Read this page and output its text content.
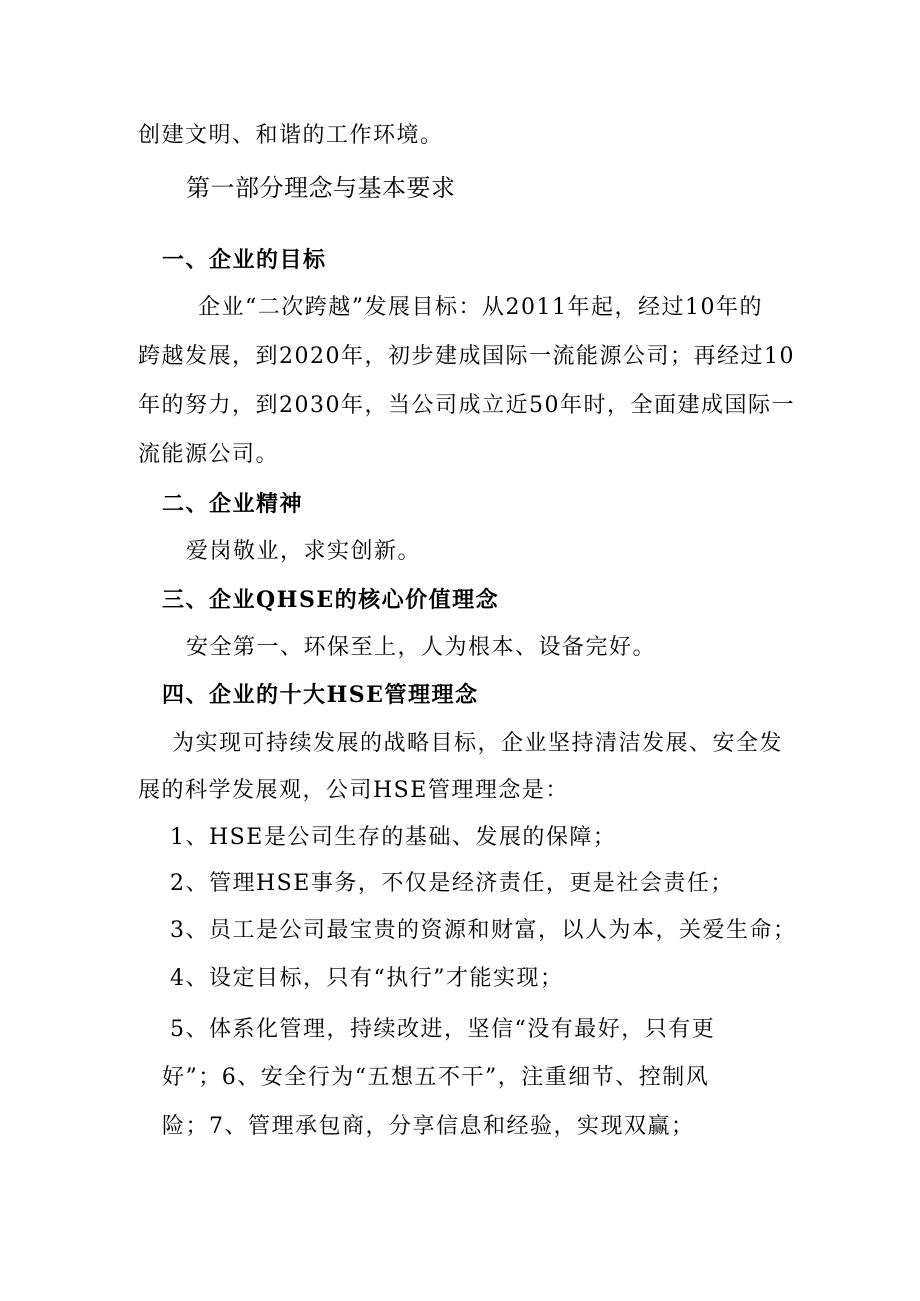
创建文明、和谐的工作环境。
第一部分理念与基本要求
一、企业的目标
企业“二次跨越”发展目标：从2011年起，经过10年的
跨越发展，到2020年，初步建成国际一流能源公司；再经过10
年的努力，到2030年，当公司成立近50年时，全面建成国际一
流能源公司。
二、企业精神
爱岗敬业，求实创新。
三、企业QHSE的核心价值理念
安全第一、环保至上，人为根本、设备完好。
四、企业的十大HSE管理理念
为实现可持续发展的战略目标，企业坚持清洁发展、安全发
展的科学发展观，公司HSE管理理念是：
1、HSE是公司生存的基础、发展的保障；
2、管理HSE事务，不仅是经济责任，更是社会责任；
3、员工是公司最宝贵的资源和财富，以人为本，关爱生命；
4、设定目标，只有“执行”才能实现；
5、体系化管理，持续改进，坚信“没有最好，只有更
好”；6、安全行为“五想五不干”，注重细节、控制风
险；7、管理承包商，分享信息和经验，实现双赢；
